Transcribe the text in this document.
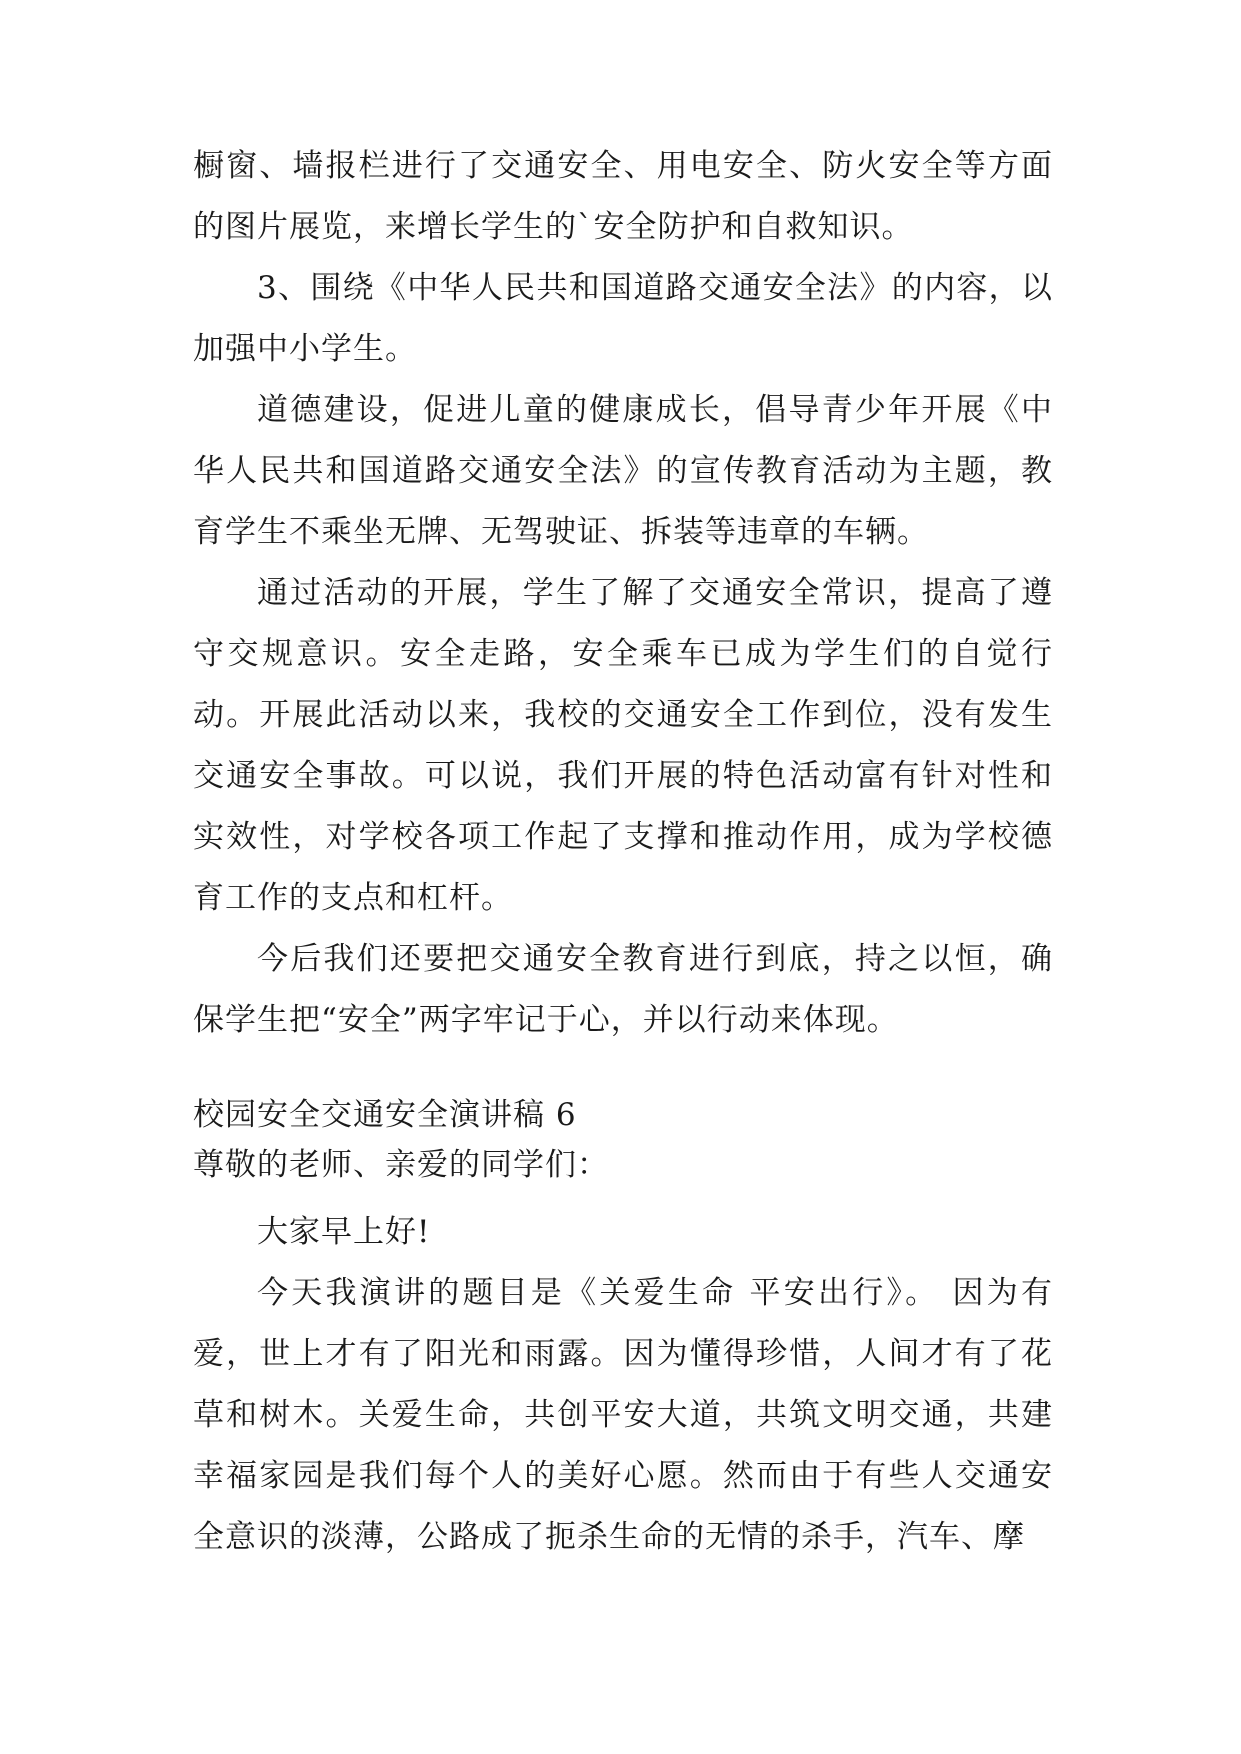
橱窗、墙报栏进行了交通安全、用电安全、防火安全等方面的图片展览，来增长学生的`安全防护和自救知识。

3、围绕《中华人民共和国道路交通安全法》的内容，以加强中小学生。

道德建设，促进儿童的健康成长，倡导青少年开展《中华人民共和国道路交通安全法》的宣传教育活动为主题，教育学生不乘坐无牌、无驾驶证、拆装等违章的车辆。

通过活动的开展，学生了解了交通安全常识，提高了遵守交规意识。安全走路，安全乘车已成为学生们的自觉行动。开展此活动以来，我校的交通安全工作到位，没有发生交通安全事故。可以说，我们开展的特色活动富有针对性和实效性，对学校各项工作起了支撑和推动作用，成为学校德育工作的支点和杠杆。

今后我们还要把交通安全教育进行到底，持之以恒，确保学生把“安全”两字牢记于心，并以行动来体现。

校园安全交通安全演讲稿 6

尊敬的老师、亲爱的同学们：

大家早上好!

今天我演讲的题目是《关爱生命 平安出行》。 因为有爱，世上才有了阳光和雨露。因为懂得珍惜，人间才有了花草和树木。关爱生命，共创平安大道，共筑文明交通，共建幸福家园是我们每个人的美好心愿。然而由于有些人交通安全意识的淡薄，公路成了扼杀生命的无情的杀手，汽车、摩
